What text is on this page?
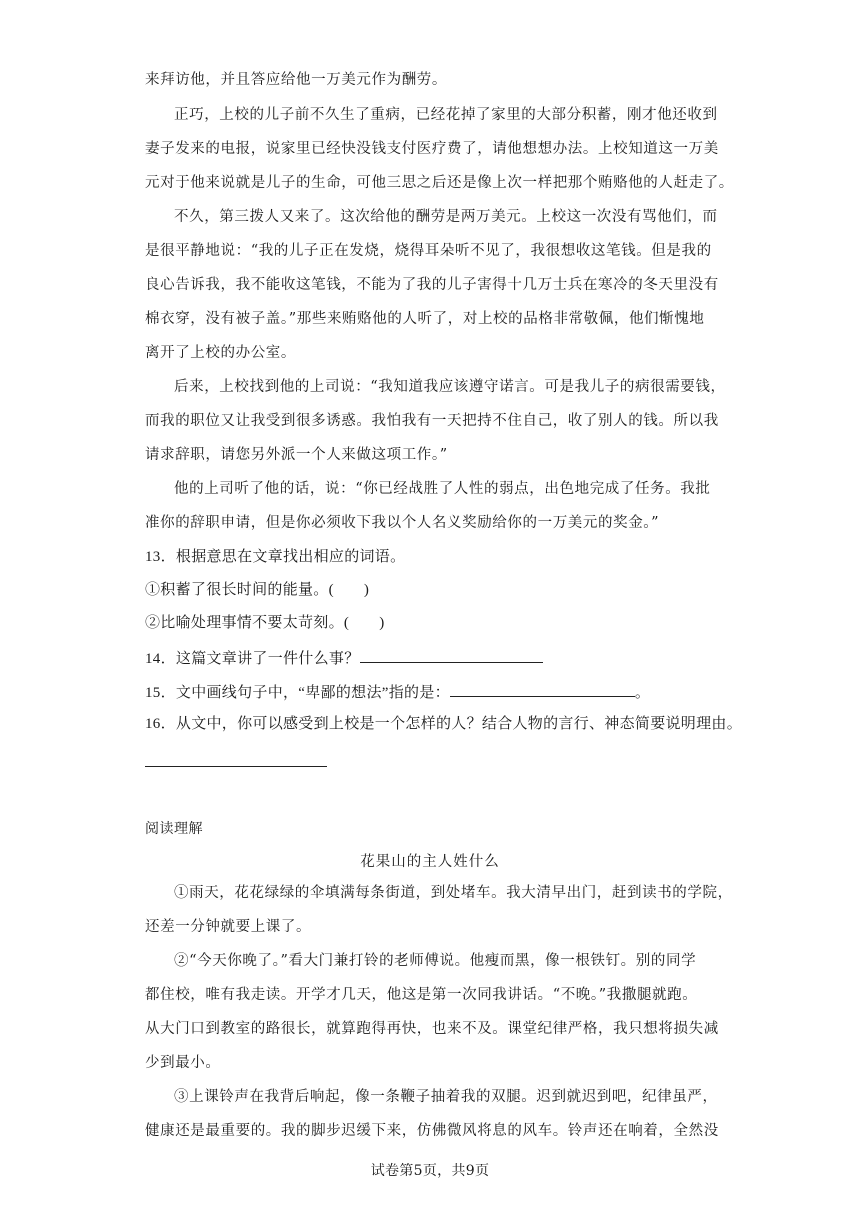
来拜访他，并且答应给他一万美元作为酬劳。
正巧，上校的儿子前不久生了重病，已经花掉了家里的大部分积蓄，刚才他还收到
妻子发来的电报，说家里已经快没钱支付医疗费了，请他想想办法。上校知道这一万美
元对于他来说就是儿子的生命，可他三思之后还是像上次一样把那个贿赂他的人赶走了。
不久，第三拨人又来了。这次给他的酬劳是两万美元。上校这一次没有骂他们，而
是很平静地说：“我的儿子正在发烧，烧得耳朵听不见了，我很想收这笔钱。但是我的
良心告诉我，我不能收这笔钱，不能为了我的儿子害得十几万士兵在寒冷的冬天里没有
棉衣穿，没有被子盖。”那些来贿赂他的人听了，对上校的品格非常敬佩，他们惭愧地
离开了上校的办公室。
后来，上校找到他的上司说：“我知道我应该遵守诺言。可是我儿子的病很需要钱，
而我的职位又让我受到很多诱惑。我怕我有一天把持不住自己，收了别人的钱。所以我
请求辞职，请您另外派一个人来做这项工作。”
他的上司听了他的话，说：“你已经战胜了人性的弱点，出色地完成了任务。我批
准你的辞职申请，但是你必须收下我以个人名义奖励给你的一万美元的奖金。”
13．根据意思在文章找出相应的词语。
①积蓄了很长时间的能量。( )
②比喻处理事情不要太苛刻。( )
14．这篇文章讲了一件什么事？
15．文中画线句子中，“卑鄙的想法”指的是：	。
16．从文中，你可以感受到上校是一个怎样的人？结合人物的言行、神态简要说明理由。
阅读理解
花果山的主人姓什么
①雨天，花花绿绿的伞填满每条街道，到处堵车。我大清早出门，赶到读书的学院，
还差一分钟就要上课了。
②“今天你晚了。”看大门兼打铃的老师傅说。他瘦而黑，像一根铁钉。别的同学
都住校，唯有我走读。开学才几天，他这是第一次同我讲话。“不晚。”我撒腿就跑。
从大门口到教室的路很长，就算跑得再快，也来不及。课堂纪律严格，我只想将损失减
少到最小。
③上课铃声在我背后响起，像一条鞭子抽着我的双腿。迟到就迟到吧，纪律虽严，
健康还是最重要的。我的脚步迟缓下来，仿佛微风将息的风车。铃声还在响着，全然没
试卷第5页，共9页
